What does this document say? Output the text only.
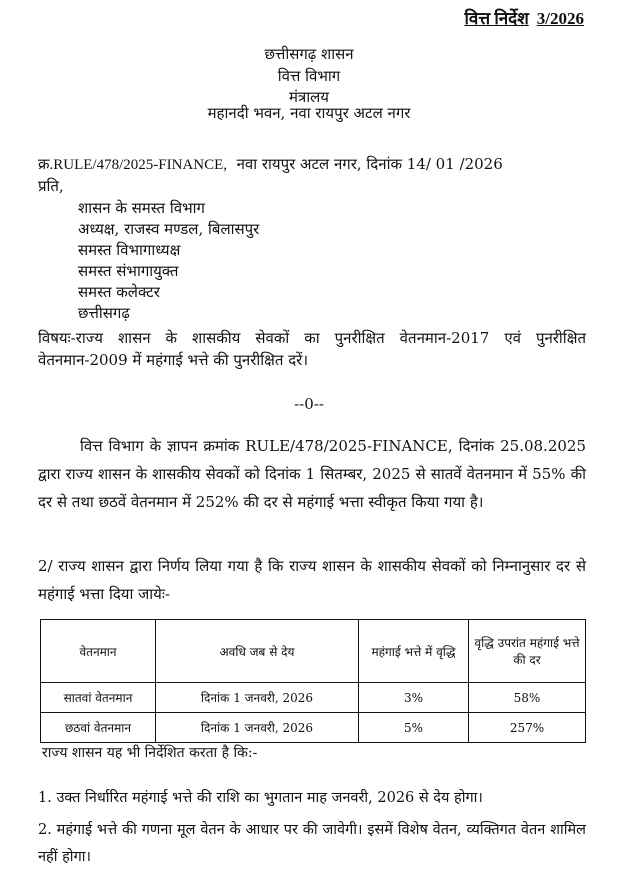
वित्त निर्देश 3/2026
छत्तीसगढ़ शासन
वित्त विभाग
मंत्रालय
महानदी भवन, नवा रायपुर अटल नगर
क्र.RULE/478/2025-FINANCE, नवा रायपुर अटल नगर, दिनांक 14/ 01 /2026
प्रति,
शासन के समस्त विभाग
अध्यक्ष, राजस्व मण्डल, बिलासपुर
समस्त विभागाध्यक्ष
समस्त संभागायुक्त
समस्त कलेक्टर
छत्तीसगढ़
विषयः-राज्य शासन के शासकीय सेवकों का पुनरीक्षित वेतनमान-2017 एवं पुनरीक्षित वेतनमान-2009 में महंगाई भत्ते की पुनरीक्षित दरें।
--0--
वित्त विभाग के ज्ञापन क्रमांक RULE/478/2025-FINANCE, दिनांक 25.08.2025 द्वारा राज्य शासन के शासकीय सेवकों को दिनांक 1 सितम्बर, 2025 से सातवें वेतनमान में 55% की दर से तथा छठवें वेतनमान में 252% की दर से महंगाई भत्ता स्वीकृत किया गया है।
2/ राज्य शासन द्वारा निर्णय लिया गया है कि राज्य शासन के शासकीय सेवकों को निम्नानुसार दर से महंगाई भत्ता दिया जायेः-
वेतनमान	अवधि जब से देय	महंगाई भत्ते में वृद्धि	वृद्धि उपरांत महंगाई भत्ते की दर
सातवां वेतनमान	दिनांक 1 जनवरी, 2026	3%	58%
छठवां वेतनमान	दिनांक 1 जनवरी, 2026	5%	257%
राज्य शासन यह भी निर्देशित करता है कि:-
1. उक्त निर्धारित महंगाई भत्ते की राशि का भुगतान माह जनवरी, 2026 से देय होगा।
2. महंगाई भत्ते की गणना मूल वेतन के आधार पर की जावेगी। इसमें विशेष वेतन, व्यक्तिगत वेतन शामिल नहीं होगा।
